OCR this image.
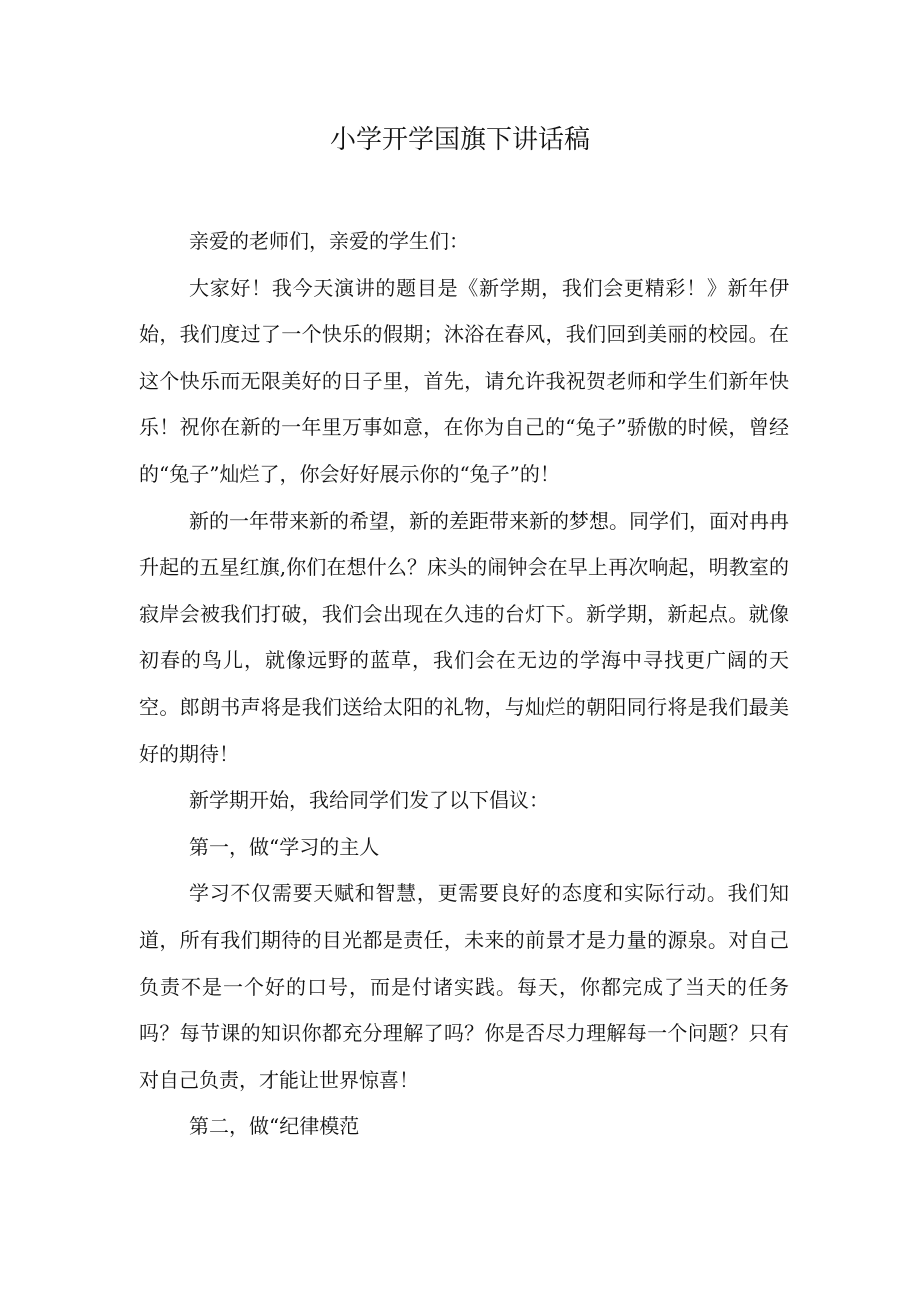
小学开学国旗下讲话稿

亲爱的老师们，亲爱的学生们：

大家好！我今天演讲的题目是《新学期，我们会更精彩！》新年伊始，我们度过了一个快乐的假期；沐浴在春风，我们回到美丽的校园。在这个快乐而无限美好的日子里，首先，请允许我祝贺老师和学生们新年快乐！祝你在新的一年里万事如意，在你为自己的“兔子”骄傲的时候，曾经的“兔子”灿烂了，你会好好展示你的“兔子”的！

新的一年带来新的希望，新的差距带来新的梦想。同学们，面对冉冉升起的五星红旗,你们在想什么？床头的闹钟会在早上再次响起，明教室的寂岸会被我们打破，我们会出现在久违的台灯下。新学期，新起点。就像初春的鸟儿，就像远野的蓝草，我们会在无边的学海中寻找更广阔的天空。郎朗书声将是我们送给太阳的礼物，与灿烂的朝阳同行将是我们最美好的期待！

新学期开始，我给同学们发了以下倡议：

第一，做“学习的主人

学习不仅需要天赋和智慧，更需要良好的态度和实际行动。我们知道，所有我们期待的目光都是责任，未来的前景才是力量的源泉。对自己负责不是一个好的口号，而是付诸实践。每天，你都完成了当天的任务吗？每节课的知识你都充分理解了吗？你是否尽力理解每一个问题？只有对自己负责，才能让世界惊喜！

第二，做“纪律模范
